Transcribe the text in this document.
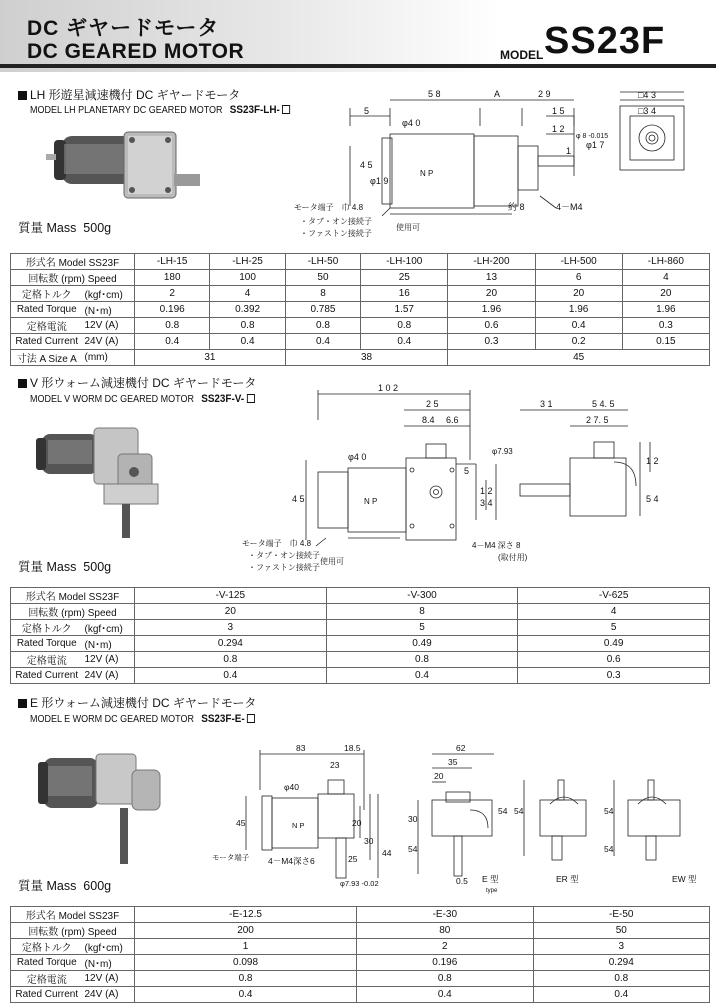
DC ギヤードモータ
DC GEARED MOTOR	MODEL SS23F
LH 形遊星減速機付 DC ギヤードモータ
MODEL LH PLANETARY DC GEARED MOTOR SS23F-LH-
質量 Mass 500g
5 8	A	2 9
1 5
1 2
5
φ4 0
4 5
φ1 9
φ1 7
φ 8 -0.015
1
約 8	4－M4
□4 3
□3 4
モータ端子　巾 4.8
・タブ・オン接続子
・ファストン接続子
使用可
N P
形式名 Model SS23F		-LH-15	-LH-25	-LH-50	-LH-100	-LH-200	-LH-500	-LH-860
回転数 (rpm) Speed		180	100	50	25	13	6	4
定格トルク	(kgf･cm)	2	4	8	16	20	20	20
Rated Torque	(N･m)	0.196	0.392	0.785	1.57	1.96	1.96	1.96
定格電流	12V (A)	0.8	0.8	0.8	0.8	0.6	0.4	0.3
Rated Current	24V (A)	0.4	0.4	0.4	0.4	0.3	0.2	0.15
寸法 A Size A	(mm)	31		38		45		
V 形ウォーム減速機付 DC ギヤードモータ
MODEL V WORM DC GEARED MOTOR SS23F-V-
質量 Mass 500g
1 0 2
2 5
8.4 6.6
φ4 0
φ7.93
5
4 5
1 2
3 4
3 1	5 4. 5
2 7. 5
1 2
5 4
4－M4 深さ 8
(取付用)
モータ端子　巾 4.8
・タブ・オン接続子
・ファストン接続子
使用可
N P
形式名 Model SS23F		-V-125	-V-300	-V-625
回転数 (rpm) Speed		20	8	4
定格トルク	(kgf･cm)	3	5	5
Rated Torque	(N･m)	0.294	0.49	0.49
定格電流	12V (A)	0.8	0.8	0.6
Rated Current	24V (A)	0.4	0.4	0.3
E 形ウォーム減速機付 DC ギヤードモータ
MODEL E WORM DC GEARED MOTOR SS23F-E-
質量 Mass 600g
83	18.5
23
φ40
45	20
30
44
25
4－M4深さ6
φ7.93 -0.02
モータ端子
62
35
20
54
30
54
0.5
54	54
54
E 型	ER 型	EW 型
type
N P
形式名 Model SS23F		-E-12.5	-E-30	-E-50
回転数 (rpm) Speed		200	80	50
定格トルク	(kgf･cm)	1	2	3
Rated Torque	(N･m)	0.098	0.196	0.294
定格電流	12V (A)	0.8	0.8	0.8
Rated Current	24V (A)	0.4	0.4	0.4
